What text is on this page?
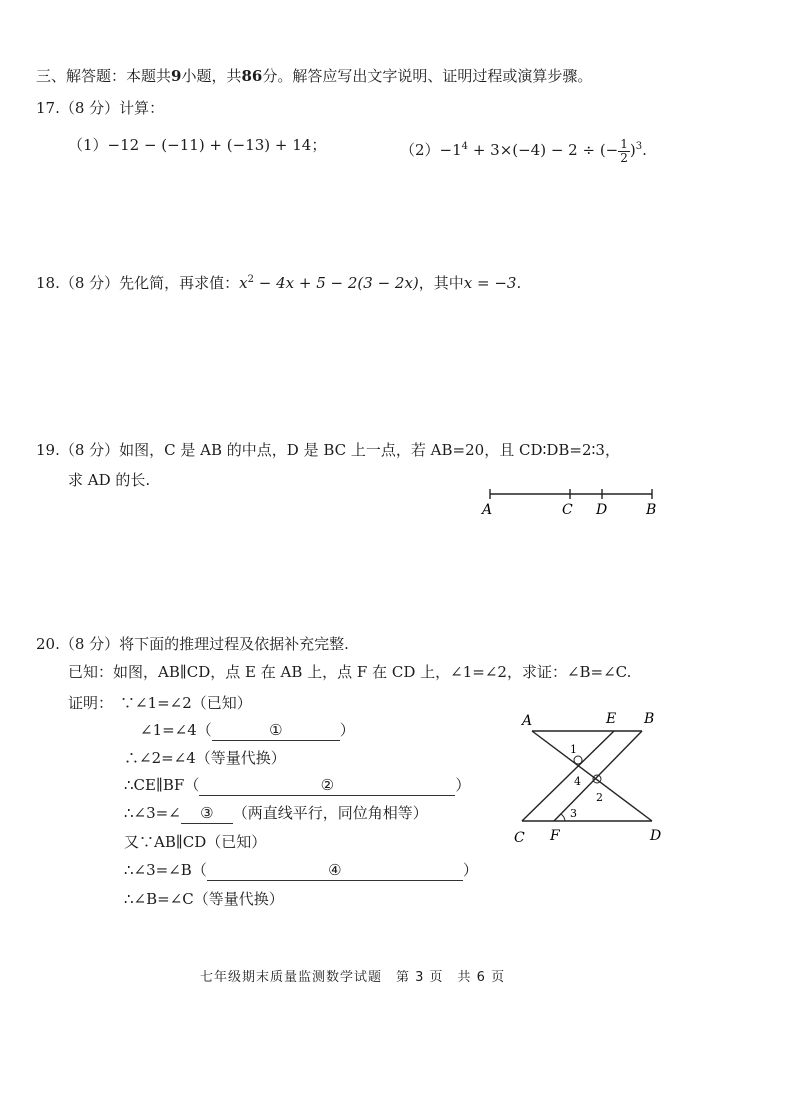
三、解答题：本题共9小题，共86分。解答应写出文字说明、证明过程或演算步骤。
17.（8 分）计算：
（1）−12 − (−11) + (−13) + 14；	$(2)-1^4 + 3\times(-4) - 2$ ÷ (− $\frac{1}{2} )^3$.
18.（8 分）先化简，再求值：$x^2 - 4x + 5 - 2(3 - 2x)$，其中x = −3.
19.（8 分）如图，C 是 AB 的中点，D 是 BC 上一点，若 AB=20，且 CD∶DB=2∶3，
求 AD 的长.
A	C D	B
20.（8 分）将下面的推理过程及依据补充完整.
已知：如图，AB∥CD，点 E 在 AB 上，点 F 在 CD 上，∠1=∠2，求证：∠B=∠C.
证明： ∵∠1=∠2（已知）
∠1=∠4（	①	）
∴∠2=∠4（等量代换）
∴CE∥BF（	②	）
∴∠3=∠ ③ （两直线平行，同位角相等）
又∵AB∥CD（已知）
∴∠3=∠B（	④	）
∴∠B=∠C（等量代换）
A	E B
C F	D
1
2
3
4
七年级期末质量监测数学试题　第 3 页　共 6 页
